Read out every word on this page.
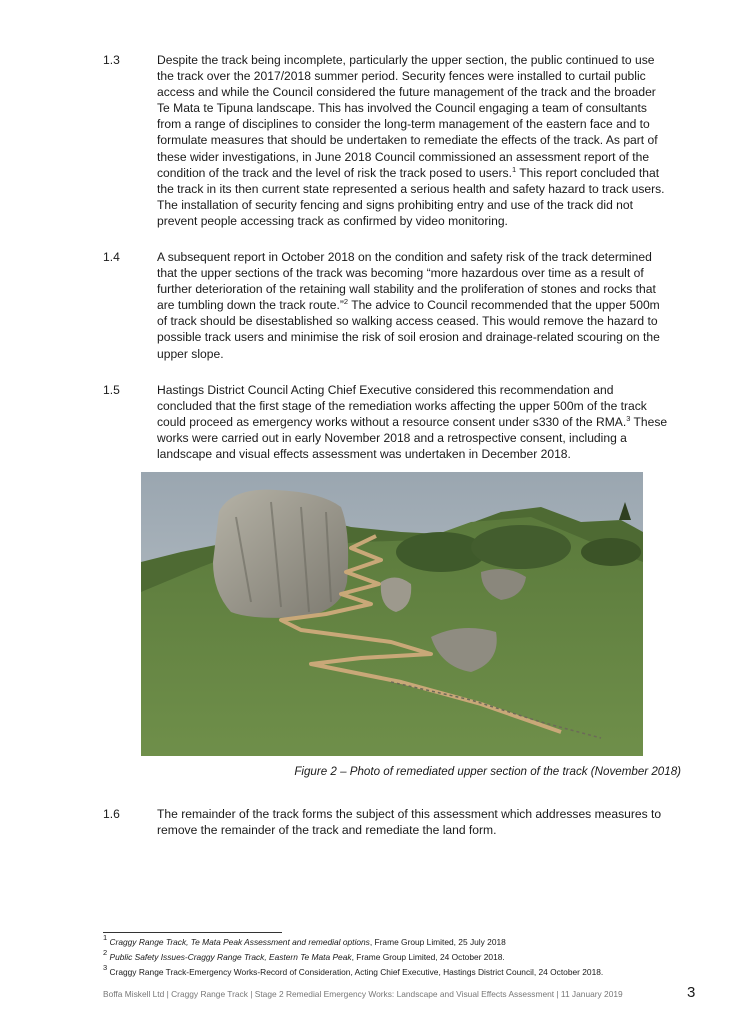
1.3	Despite the track being incomplete, particularly the upper section, the public continued to use
the track over the 2017/2018 summer period. Security fences were installed to curtail public
access and while the Council considered the future management of the track and the broader
Te Mata te Tipuna landscape. This has involved the Council engaging a team of consultants
from a range of disciplines to consider the long-term management of the eastern face and to
formulate measures that should be undertaken to remediate the effects of the track. As part of
these wider investigations, in June 2018 Council commissioned an assessment report of the
condition of the track and the level of risk the track posed to users.$^1$ This report concluded that
the track in its then current state represented a serious health and safety hazard to track users.
The installation of security fencing and signs prohibiting entry and use of the track did not
prevent people accessing track as confirmed by video monitoring.
1.4	A subsequent report in October 2018 on the condition and safety risk of the track determined
that the upper sections of the track was becoming “more hazardous over time as a result of
further deterioration of the retaining wall stability and the proliferation of stones and rocks that
are tumbling down the track route.”$^2$ The advice to Council recommended that the upper 500m
of track should be disestablished so walking access ceased. This would remove the hazard to
possible track users and minimise the risk of soil erosion and drainage-related scouring on the
upper slope.
1.5	Hastings District Council Acting Chief Executive considered this recommendation and
concluded that the first stage of the remediation works affecting the upper 500m of the track
could proceed as emergency works without a resource consent under s330 of the RMA.$^3$ These
works were carried out in early November 2018 and a retrospective consent, including a
landscape and visual effects assessment was undertaken in December 2018.
Figure 2 – Photo of remediated upper section of the track (November 2018)
1.6	The remainder of the track forms the subject of this assessment which addresses measures to
remove the remainder of the track and remediate the land form.
$^1$ Craggy Range Track, Te Mata Peak Assessment and remedial options, Frame Group Limited, 25 July 2018
$^2$ Public Safety Issues-Craggy Range Track, Eastern Te Mata Peak, Frame Group Limited, 24 October 2018.
$^3$ Craggy Range Track-Emergency Works-Record of Consideration, Acting Chief Executive, Hastings District Council, 24 October 2018.
Boffa Miskell Ltd | Craggy Range Track | Stage 2 Remedial Emergency Works: Landscape and Visual Effects Assessment | 11 January 2019	3
